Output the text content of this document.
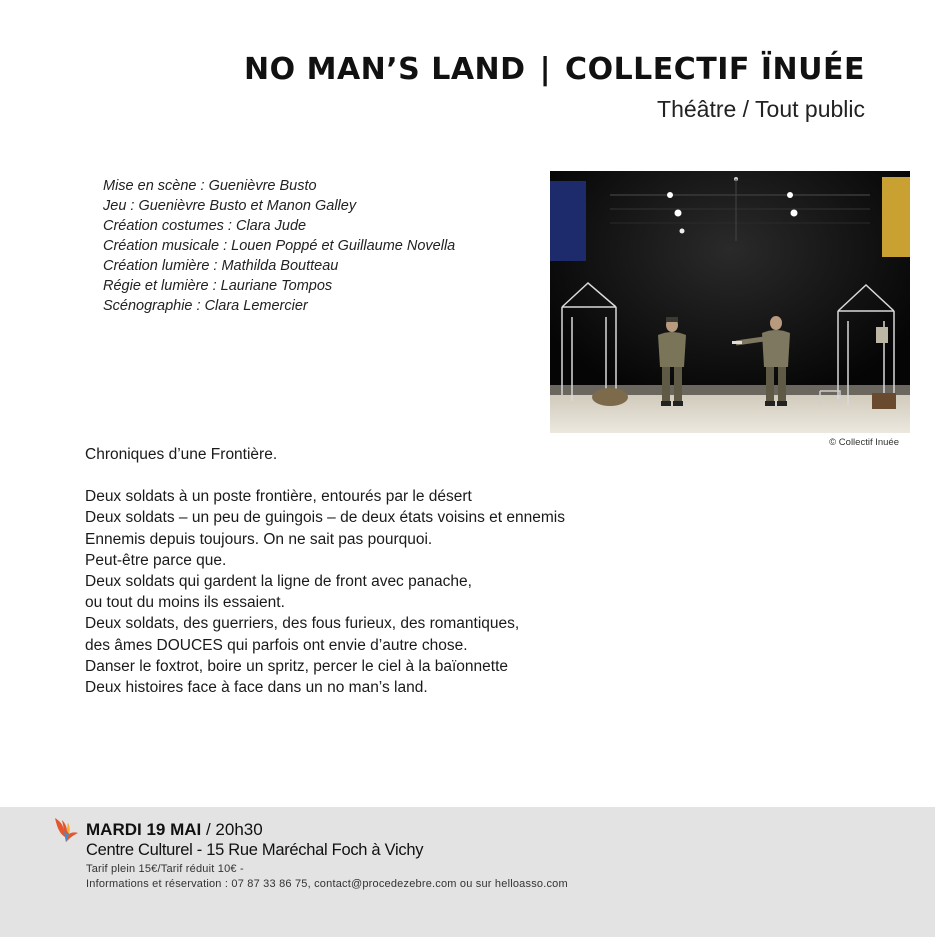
NO MAN’S LAND | COLLECTIF ÏNUÉE
Théâtre / Tout public
Mise en scène : Guenièvre Busto
Jeu : Guenièvre Busto et Manon Galley
Création costumes : Clara Jude
Création musicale : Louen Poppé et Guillaume Novella
Création lumière : Mathilda Boutteau
Régie et lumière : Lauriane Tompos
Scénographie : Clara Lemercier
© Collectif Inuée
Chroniques d’une Frontière.
Deux soldats à un poste frontière, entourés par le désert
Deux soldats – un peu de guingois – de deux états voisins et ennemis
Ennemis depuis toujours. On ne sait pas pourquoi.
Peut-être parce que.
Deux soldats qui gardent la ligne de front avec panache,
ou tout du moins ils essaient.
Deux soldats, des guerriers, des fous furieux, des romantiques,
des âmes DOUCES qui parfois ont envie d’autre chose.
Danser le foxtrot, boire un spritz, percer le ciel à la baïonnette
Deux histoires face à face dans un no man’s land.
MARDI 19 MAI / 20h30
Centre Culturel - 15 Rue Maréchal Foch à Vichy
Tarif plein 15€/Tarif réduit 10€ -
Informations et réservation : 07 87 33 86 75, contact@procedezebre.com ou sur helloasso.com
